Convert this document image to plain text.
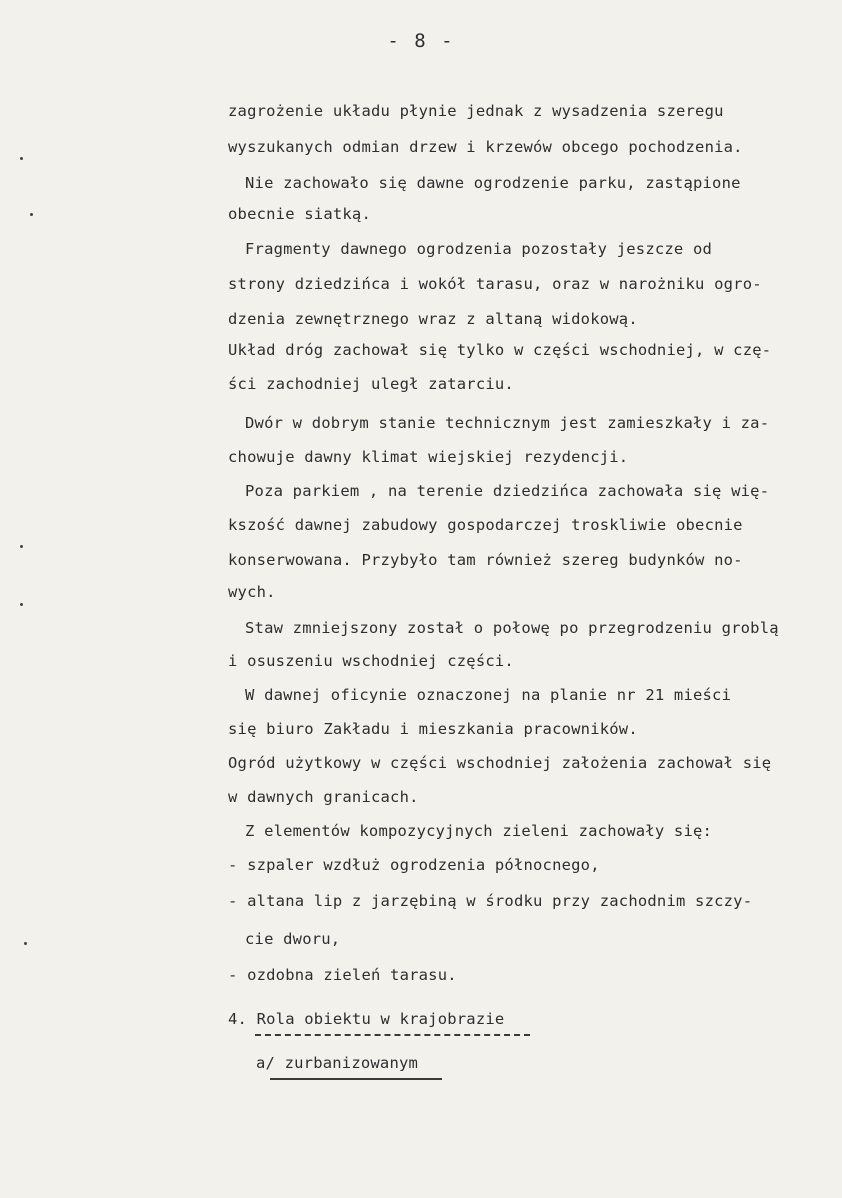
- 8 -
zagrożenie układu płynie jednak z wysadzenia szeregu
wyszukanych odmian drzew i krzewów obcego pochodzenia.
Nie zachowało się dawne ogrodzenie parku, zastąpione
obecnie siatką.
Fragmenty dawnego ogrodzenia pozostały jeszcze od
strony dziedzińca i wokół tarasu, oraz w narożniku ogro-
dzenia zewnętrznego wraz z altaną widokową.
Układ dróg zachował się tylko w części wschodniej, w czę-
ści zachodniej uległ zatarciu.
Dwór w dobrym stanie technicznym jest zamieszkały i za-
chowuje dawny klimat wiejskiej rezydencji.
Poza parkiem , na terenie dziedzińca zachowała się wię-
kszość dawnej zabudowy gospodarczej troskliwie obecnie
konserwowana. Przybyło tam również szereg budynków no-
wych.
Staw zmniejszony został o połowę po przegrodzeniu groblą
i osuszeniu wschodniej części.
W dawnej oficynie oznaczonej na planie nr 21 mieści
się biuro Zakładu i mieszkania pracowników.
Ogród użytkowy w części wschodniej założenia zachował się
w dawnych granicach.
Z elementów kompozycyjnych zieleni zachowały się:
- szpaler wzdłuż ogrodzenia północnego,
- altana lip z jarzębiną w środku przy zachodnim szczy-
cie dworu,
- ozdobna zieleń tarasu.
4. Rola obiektu w krajobrazie
a/ zurbanizowanym
